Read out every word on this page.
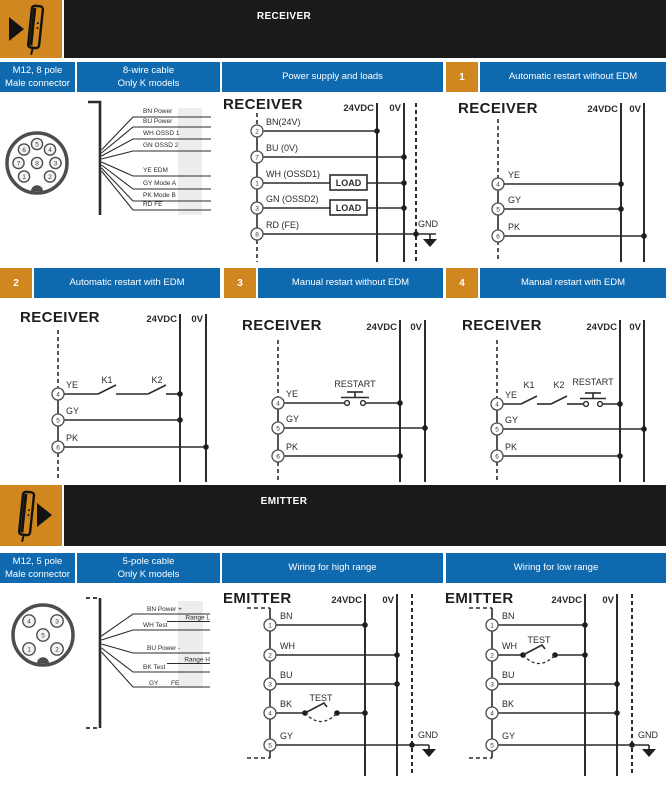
RECEIVER
M12, 8 pole
Male connector
8-wire cable
Only K models
Power supply and loads	1	Automatic restart without EDM
1	2
3
4
5
6
7 8
BN Power
BU Power
WH OSSD 1
GN OSSD 2
YE EDM
GY Mode A
PK Mode B
RD FE
RECEIVER	24VDC 0V
LOAD
LOAD
GND
2
7
1
3
8
BN(24V)
BU (0V)
WH (OSSD1)
GN (OSSD2)
RD (FE)
RECEIVER	24VDC 0V
4
5
6
YE
GY
PK
2	Automatic restart with EDM	3	Manual restart without EDM	4	Manual restart with EDM
RECEIVER	24VDC 0V
K1	K2
4
5
6
YE
GY
PK
RECEIVER	24VDC 0V
RESTART
4
5
6
YE
GY
PK
RECEIVER	24VDC 0V
K1 K2 RESTART
4
5
6
YE
GY
PK
EMITTER
M12, 5 pole
Male connector
5-pole cable
Only K models
Wiring for high range	Wiring for low range
1	2
3
4
5
BN Power +
Range L
WH Test
BU Power -
Range H
BK Test
GY FE
EMITTER	24VDC 0V
TEST
GND
1
2
3
4
5
BN
WH
BU
BK
GY
EMITTER	24VDC 0V
TEST
GND
1
2
3
4
5
BN
WH
BU
BK
GY
